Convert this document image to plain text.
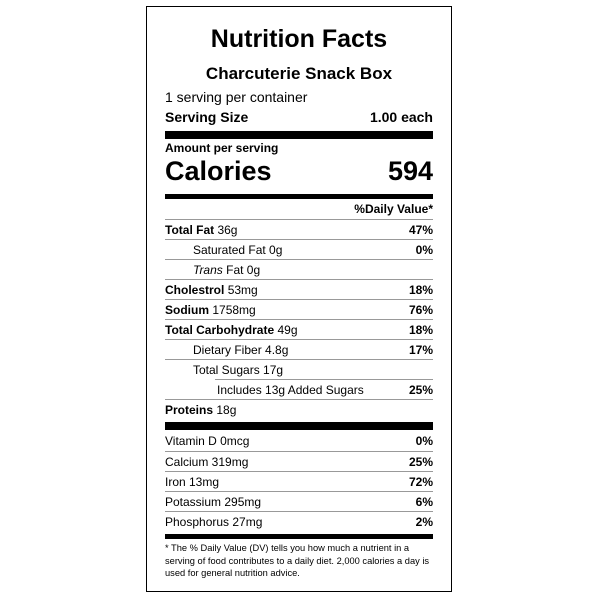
Nutrition Facts
Charcuterie Snack Box
1 serving per container
Serving Size	1.00 each
Amount per serving
Calories	594
%Daily Value*
Total Fat 36g	47%
Saturated Fat 0g	0%
Trans Fat 0g
Cholestrol 53mg	18%
Sodium 1758mg	76%
Total Carbohydrate 49g	18%
Dietary Fiber 4.8g	17%
Total Sugars 17g
Includes 13g Added Sugars	25%
Proteins 18g
Vitamin D 0mcg	0%
Calcium 319mg	25%
Iron 13mg	72%
Potassium 295mg	6%
Phosphorus 27mg	2%
* The % Daily Value (DV) tells you how much a nutrient in a serving of food contributes to a daily diet. 2,000 calories a day is used for general nutrition advice.
